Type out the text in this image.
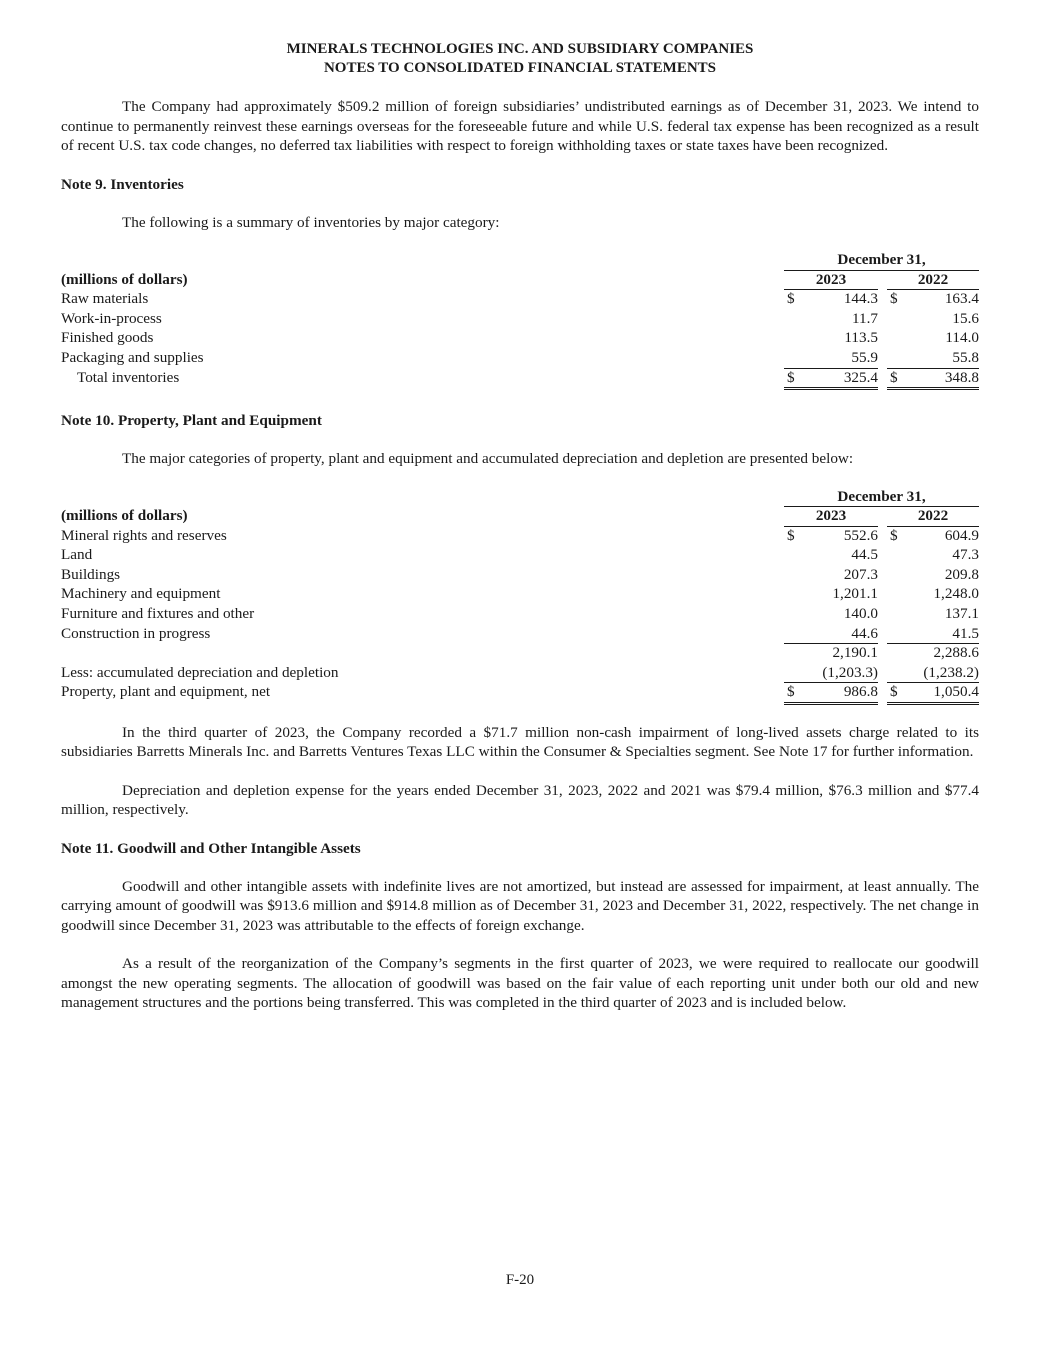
MINERALS TECHNOLOGIES INC. AND SUBSIDIARY COMPANIES
NOTES TO CONSOLIDATED FINANCIAL STATEMENTS

The Company had approximately $509.2 million of foreign subsidiaries’ undistributed earnings as of December 31, 2023. We intend to continue to permanently reinvest these earnings overseas for the foreseeable future and while U.S. federal tax expense has been recognized as a result of recent U.S. tax code changes, no deferred tax liabilities with respect to foreign withholding taxes or state taxes have been recognized.

Note 9. Inventories

The following is a summary of inventories by major category:

December 31,
(millions of dollars)	2023	2022
Raw materials	$	144.3 $	163.4
Work-in-process	11.7	15.6
Finished goods	113.5	114.0
Packaging and supplies	55.9	55.8
Total inventories	$	325.4 $	348.8

Note 10. Property, Plant and Equipment

The major categories of property, plant and equipment and accumulated depreciation and depletion are presented below:

December 31,
(millions of dollars)	2023	2022
Mineral rights and reserves	$	552.6 $	604.9
Land	44.5	47.3
Buildings	207.3	209.8
Machinery and equipment	1,201.1	1,248.0
Furniture and fixtures and other	140.0	137.1
Construction in progress	44.6	41.5
2,190.1	2,288.6
Less: accumulated depreciation and depletion	(1,203.3)	(1,238.2)
Property, plant and equipment, net	$	986.8 $ 1,050.4

In the third quarter of 2023, the Company recorded a $71.7 million non-cash impairment of long-lived assets charge related to its subsidiaries Barretts Minerals Inc. and Barretts Ventures Texas LLC within the Consumer & Specialties segment. See Note 17 for further information.

Depreciation and depletion expense for the years ended December 31, 2023, 2022 and 2021 was $79.4 million, $76.3 million and $77.4 million, respectively.

Note 11. Goodwill and Other Intangible Assets

Goodwill and other intangible assets with indefinite lives are not amortized, but instead are assessed for impairment, at least annually. The carrying amount of goodwill was $913.6 million and $914.8 million as of December 31, 2023 and December 31, 2022, respectively. The net change in goodwill since December 31, 2023 was attributable to the effects of foreign exchange.

As a result of the reorganization of the Company’s segments in the first quarter of 2023, we were required to reallocate our goodwill amongst the new operating segments. The allocation of goodwill was based on the fair value of each reporting unit under both our old and new management structures and the portions being transferred. This was completed in the third quarter of 2023 and is included below.

F-20
